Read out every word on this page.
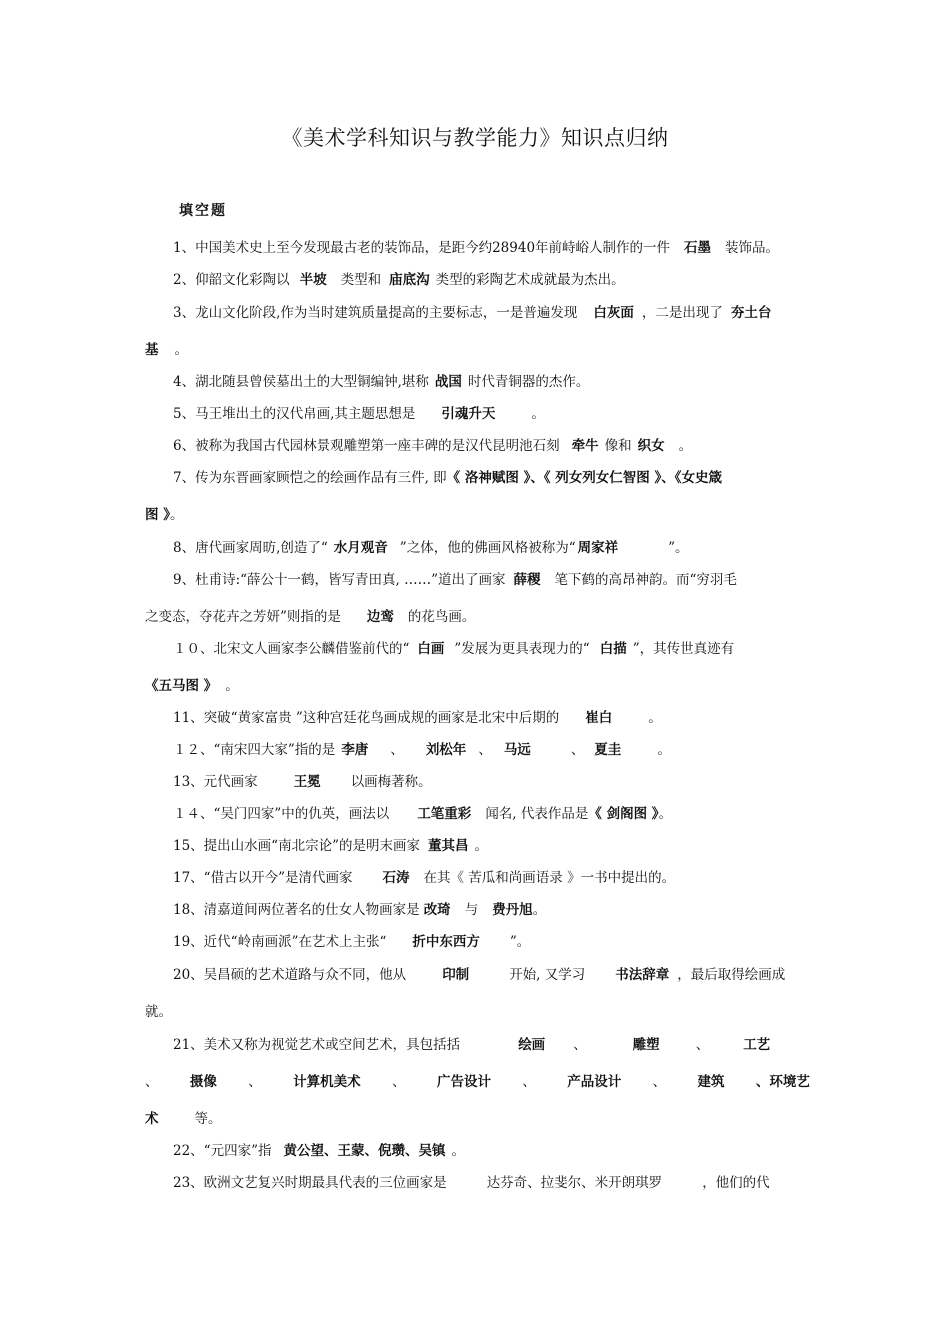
《美术学科知识与教学能力》知识点归纳
填空题
1、中国美术史上至今发现最古老的装饰品，是距今约28940年前峙峪人制作的一件 石墨 装饰品。
2、仰韶文化彩陶以 半坡 类型和 庙底沟 类型的彩陶艺术成就最为杰出。
3、龙山文化阶段,作为当时建筑质量提高的主要标志，一是普遍发现 白灰面 ，二是出现了 夯土台
基 。
4、湖北随县曾侯墓出土的大型铜编钟,堪称 战国 时代青铜器的杰作。
5、马王堆出土的汉代帛画,其主题思想是 引魂升天	。
6、被称为我国古代园林景观雕塑第一座丰碑的是汉代昆明池石刻 牵牛 像和 织女 。
7、传为东晋画家顾恺之的绘画作品有三件, 即《 洛神赋图 》、《 列女列女仁智图 》、《女史箴
图 》。
8、唐代画家周昉,创造了“ 水月观音 ”之体，他的佛画风格被称为“ 周家祥	”。
9、杜甫诗:“薛公十一鹤，皆写青田真, ……”道出了画家 薛稷 笔下鹤的高昂神韵。而“穷羽毛
之变态，夺花卉之芳妍”则指的是 边鸾 的花鸟画。
１０、北宋文人画家李公麟借鉴前代的“ 白画 ”发展为更具表现力的“ 白描 ”，其传世真迹有
《五马图 》 。
11、突破“黄家富贵 ”这种宫廷花鸟画成规的画家是北宋中后期的 崔白	。
１２、“南宋四大家”指的是 李唐 、 刘松年 、 马远	、 夏圭	。
13、元代画家	王冕 以画梅著称。
１４、“吴门四家”中的仇英，画法以 工笔重彩 闻名, 代表作品是《 剑阁图 》。
15、提出山水画“南北宗论”的是明末画家 董其昌 。
17、“借古以开今”是清代画家 石涛 在其《 苦瓜和尚画语录 》一书中提出的。
18、清嘉道间两位著名的仕女人物画家是 改琦 与 费丹旭。
19、近代“岭南画派”在艺术上主张“ 折中东西方 ”。
20、吴昌硕的艺术道路与众不同，他从	印制	开始, 又学习 书法辞章 ，最后取得绘画成
就。
21、美术又称为视觉艺术或空间艺术，具包括括	绘画 、	雕塑	、	工艺
、 摄像 、 计算机美术 、 广告设计 、 产品设计 、 建筑 、环境艺
术	等。
22、“元四家”指 黄公望、王蒙、倪瓒、吴镇 。
23、欧洲文艺复兴时期最具代表的三位画家是	达芬奇、拉斐尔、米开朗琪罗	，他们的代
